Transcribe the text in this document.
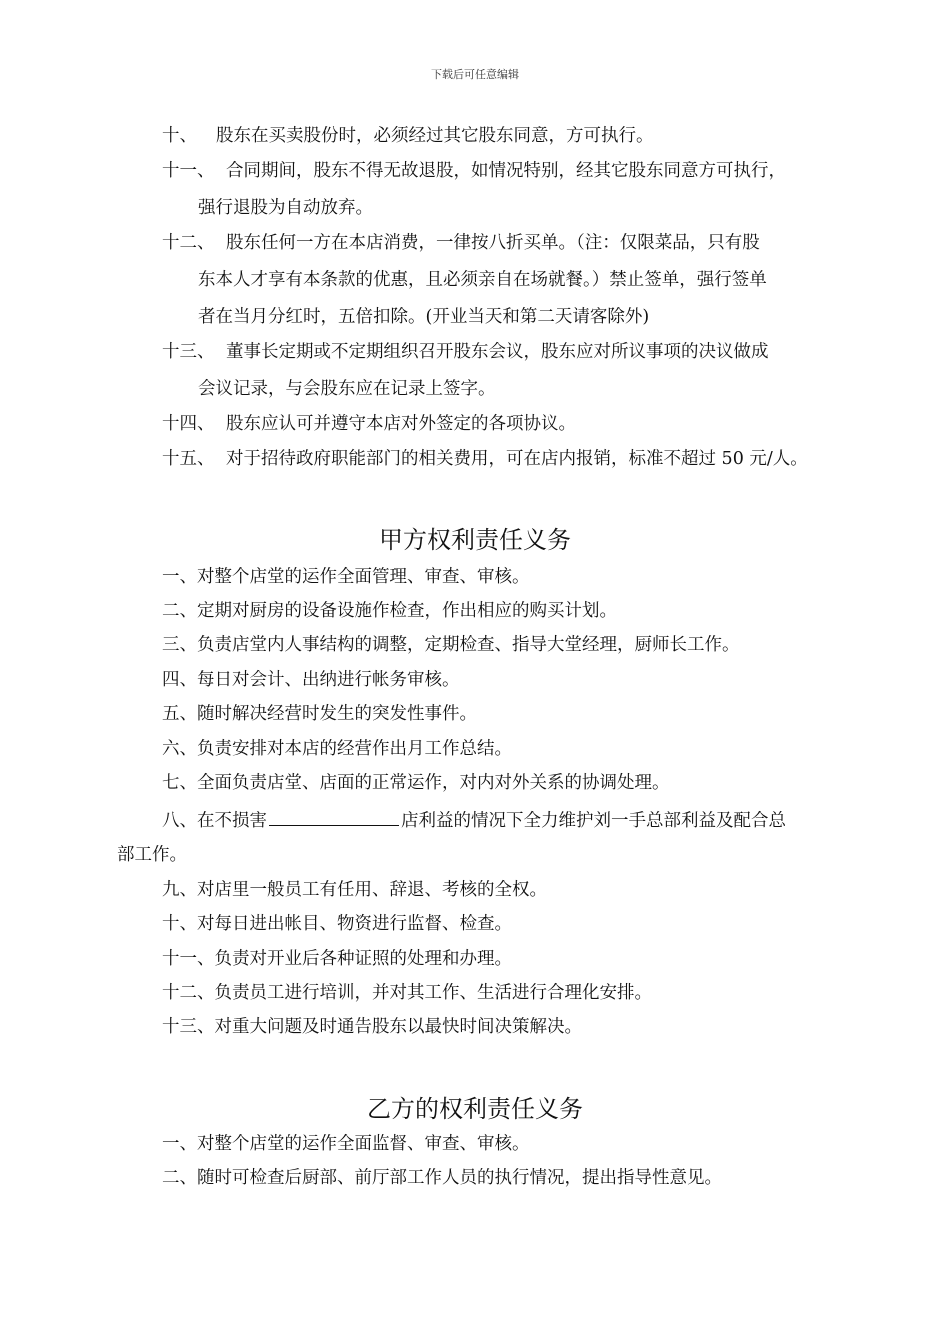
下载后可任意编辑
十、 股东在买卖股份时，必须经过其它股东同意，方可执行。
十一、 合同期间，股东不得无故退股，如情况特别，经其它股东同意方可执行，
强行退股为自动放弃。
十二、 股东任何一方在本店消费，一律按八折买单。（注：仅限菜品，只有股
东本人才享有本条款的优惠，且必须亲自在场就餐。）禁止签单，强行签单
者在当月分红时，五倍扣除。(开业当天和第二天请客除外)
十三、 董事长定期或不定期组织召开股东会议，股东应对所议事项的决议做成
会议记录，与会股东应在记录上签字。
十四、 股东应认可并遵守本店对外签定的各项协议。
十五、 对于招待政府职能部门的相关费用，可在店内报销，标准不超过 50 元/人。
甲方权利责任义务
一、对整个店堂的运作全面管理、审查、审核。
二、定期对厨房的设备设施作检查，作出相应的购买计划。
三、负责店堂内人事结构的调整，定期检查、指导大堂经理，厨师长工作。
四、每日对会计、出纳进行帐务审核。
五、随时解决经营时发生的突发性事件。
六、负责安排对本店的经营作出月工作总结。
七、全面负责店堂、店面的正常运作，对内对外关系的协调处理。
八、在不损害	店利益的情况下全力维护刘一手总部利益及配合总
部工作。
九、对店里一般员工有任用、辞退、考核的全权。
十、对每日进出帐目、物资进行监督、检查。
十一、负责对开业后各种证照的处理和办理。
十二、负责员工进行培训，并对其工作、生活进行合理化安排。
十三、对重大问题及时通告股东以最快时间决策解决。
乙方的权利责任义务
一、对整个店堂的运作全面监督、审查、审核。
二、随时可检查后厨部、前厅部工作人员的执行情况，提出指导性意见。
